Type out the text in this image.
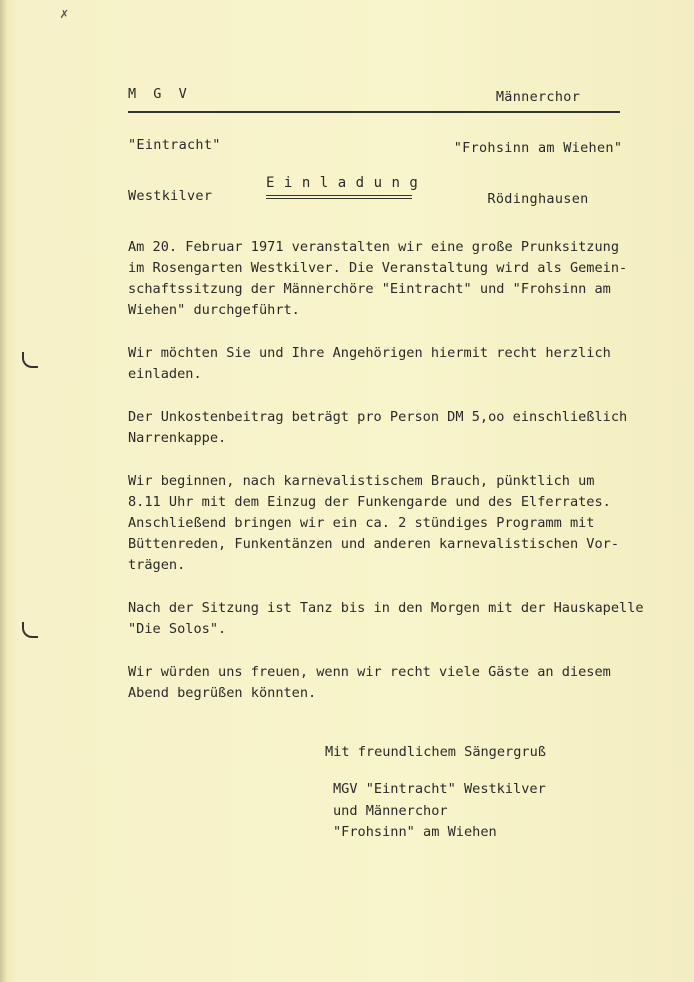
✗

M  G  V

"Eintracht"

Westkilver

Männerchor

"Frohsinn am Wiehen"

Rödinghausen

Einladung

Am 20. Februar 1971 veranstalten wir eine große Prunksitzung
im Rosengarten Westkilver. Die Veranstaltung wird als Gemein-
schaftssitzung der Männerchöre "Eintracht" und "Frohsinn am
Wiehen" durchgeführt.

Wir möchten Sie und Ihre Angehörigen hiermit recht herzlich
einladen.

Der Unkostenbeitrag beträgt pro Person DM 5,oo einschließlich
Narrenkappe.

Wir beginnen, nach karnevalistischem Brauch, pünktlich um
8.11 Uhr mit dem Einzug der Funkengarde und des Elferrates.
Anschließend bringen wir ein ca. 2 stündiges Programm mit
Büttenreden, Funkentänzen und anderen karnevalistischen Vor-
trägen.

Nach der Sitzung ist Tanz bis in den Morgen mit der Hauskapelle
"Die Solos".

Wir würden uns freuen, wenn wir recht viele Gäste an diesem
Abend begrüßen könnten.

Mit freundlichem Sängergruß
MGV "Eintracht" Westkilver
und Männerchor
"Frohsinn" am Wiehen
